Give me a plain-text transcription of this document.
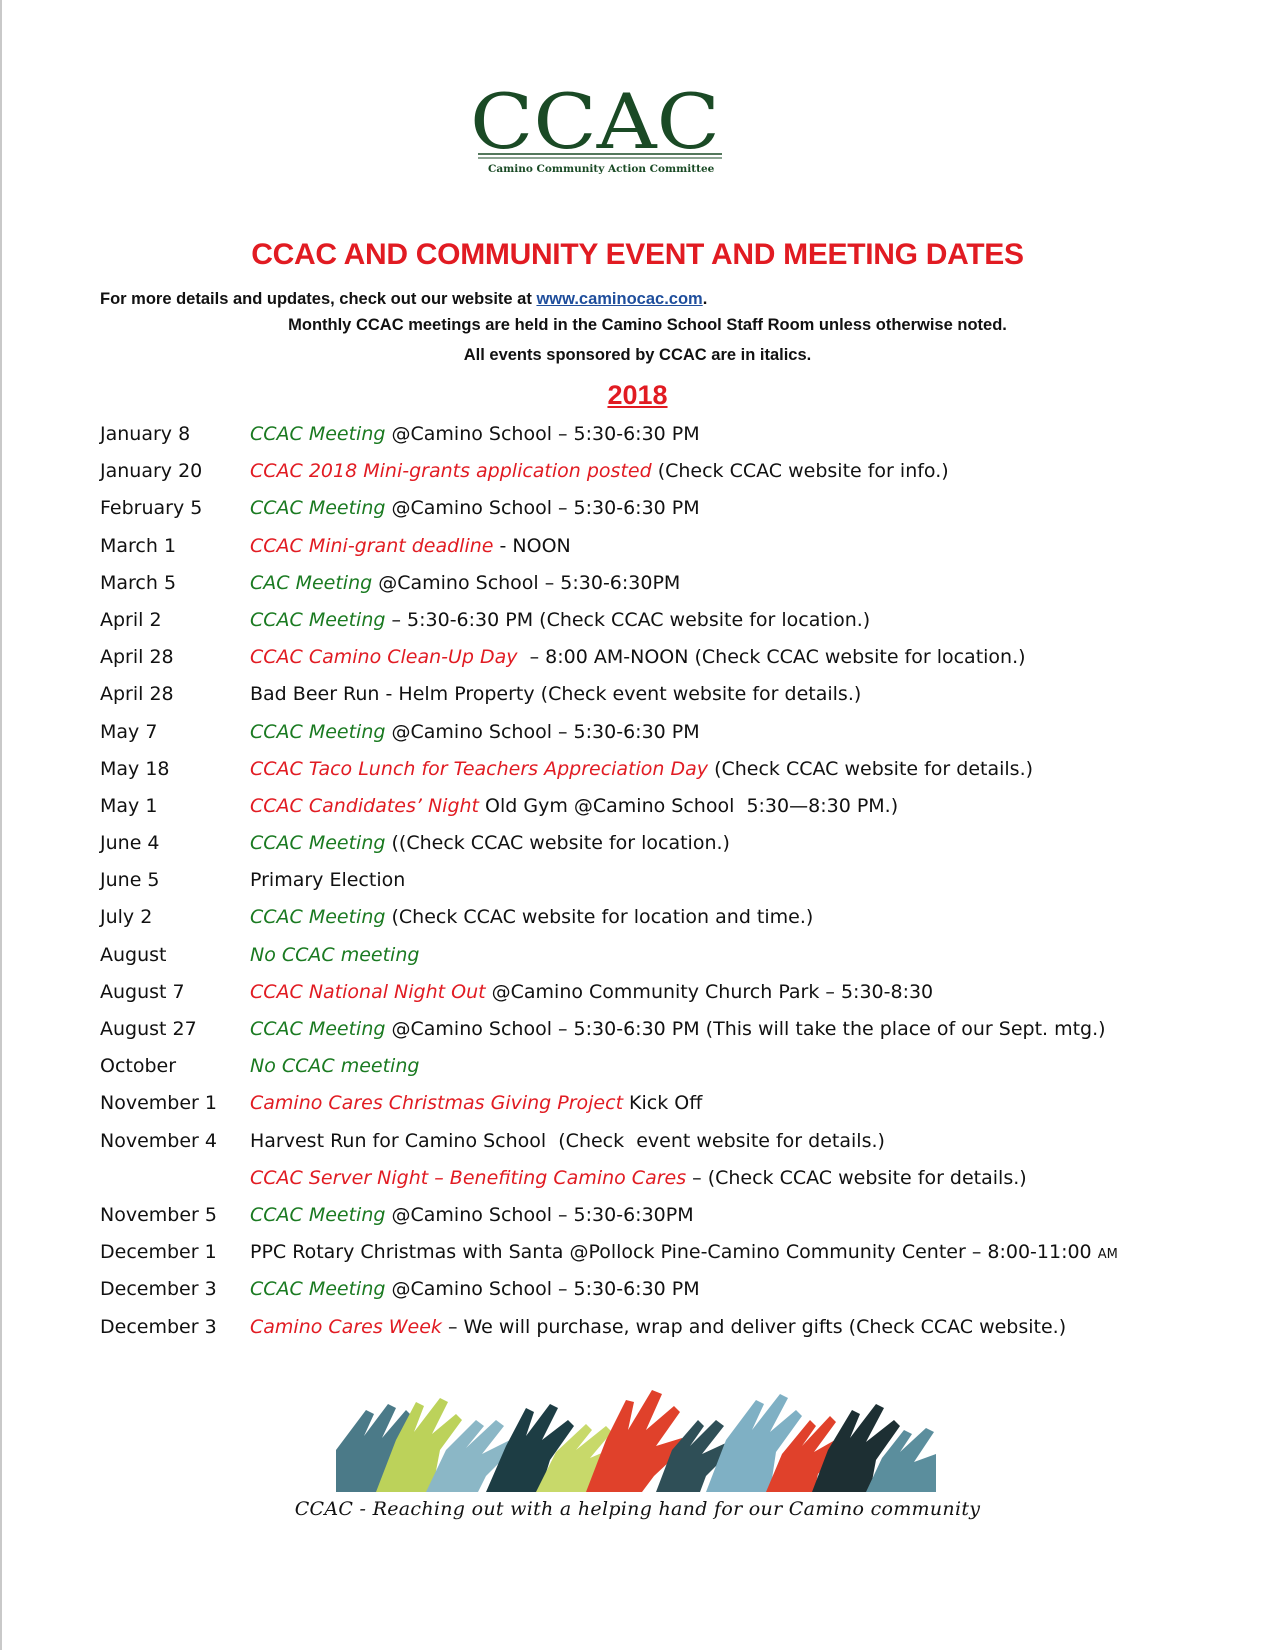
CCAC
Camino Community Action Committee
CCAC AND COMMUNITY EVENT AND MEETING DATES

For more details and updates, check out our website at www.caminocac.com.

Monthly CCAC meetings are held in the Camino School Staff Room unless otherwise noted.

All events sponsored by CCAC are in italics.

2018
January 8	CCAC Meeting @Camino School – 5:30-6:30 PM
January 20	CCAC 2018 Mini-grants application posted (Check CCAC website for info.)
February 5	CCAC Meeting @Camino School – 5:30-6:30 PM
March 1	CCAC Mini-grant deadline - NOON
March 5	CAC Meeting @Camino School – 5:30-6:30PM
April 2	CCAC Meeting – 5:30-6:30 PM (Check CCAC website for location.)
April 28	CCAC Camino Clean-Up Day  – 8:00 AM-NOON (Check CCAC website for location.)
April 28	Bad Beer Run - Helm Property (Check event website for details.)
May 7	CCAC Meeting @Camino School – 5:30-6:30 PM
May 18	CCAC Taco Lunch for Teachers Appreciation Day (Check CCAC website for details.)
May 1	CCAC Candidates’ Night Old Gym @Camino School  5:30—8:30 PM.)
June 4	CCAC Meeting ((Check CCAC website for location.)
June 5	Primary Election
July 2	CCAC Meeting (Check CCAC website for location and time.)
August	No CCAC meeting
August 7	CCAC National Night Out @Camino Community Church Park – 5:30-8:30
August 27	CCAC Meeting @Camino School – 5:30-6:30 PM (This will take the place of our Sept. mtg.)
October	No CCAC meeting
November 1 Camino Cares Christmas Giving Project Kick Off
November 4 Harvest Run for Camino School  (Check  event website for details.)
CCAC Server Night – Benefiting Camino Cares – (Check CCAC website for details.)
November 5 CCAC Meeting @Camino School – 5:30-6:30PM
December 1 PPC Rotary Christmas with Santa @Pollock Pine-Camino Community Center – 8:00-11:00 AM
December 3 CCAC Meeting @Camino School – 5:30-6:30 PM
December 3 Camino Cares Week – We will purchase, wrap and deliver gifts (Check CCAC website.)

CCAC - Reaching out with a helping hand for our Camino community
